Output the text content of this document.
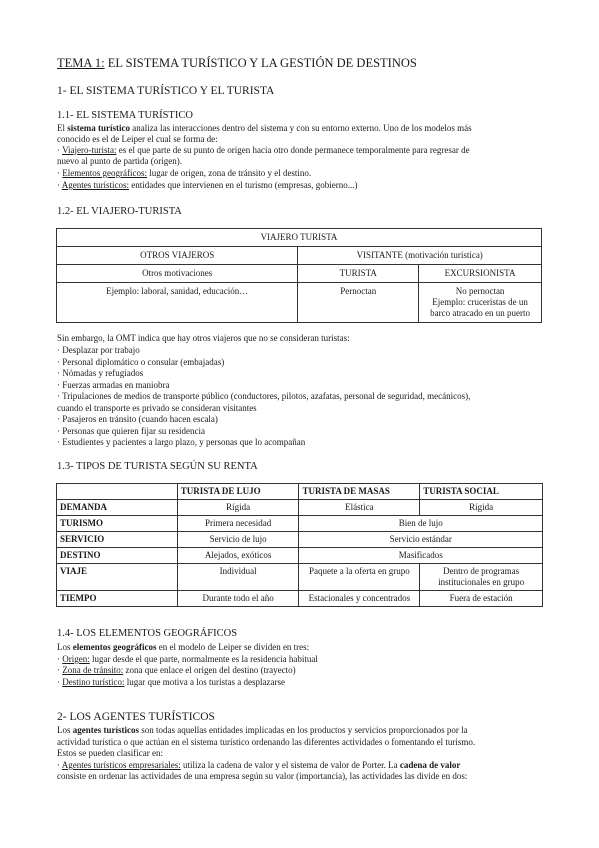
TEMA 1: EL SISTEMA TURÍSTICO Y LA GESTIÓN DE DESTINOS
1- EL SISTEMA TURÍSTICO Y EL TURISTA
1.1- EL SISTEMA TURÍSTICO
El sistema turístico analiza las interacciones dentro del sistema y con su entorno externo. Uno de los modelos más
conocido es el de Leiper el cual se forma de:
· Viajero-turista: es el que parte de su punto de origen hacia otro donde permanece temporalmente para regresar de
nuevo al punto de partida (origen).
· Elementos geográficos: lugar de origen, zona de tránsito y el destino.
· Agentes turísticos: entidades que intervienen en el turismo (empresas, gobierno...)
1.2- EL VIAJERO-TURISTA
VIAJERO TURISTA		
OTROS VIAJEROS	VISITANTE (motivación turística)	
Otros motivaciones	TURISTA	EXCURSIONISTA
Ejemplo: laboral, sanidad, educación…	Pernoctan	No pernoctan
Ejemplo: cruceristas de un
barco atracado en un puerto
Sin embargo, la OMT indica que hay otros viajeros que no se consideran turistas:
· Desplazar por trabajo
· Personal diplomático o consular (embajadas)
· Nómadas y refugiados
· Fuerzas armadas en maniobra
· Tripulaciones de medios de transporte público (conductores, pilotos, azafatas, personal de seguridad, mecánicos),
cuando el transporte es privado se consideran visitantes
· Pasajeros en tránsito (cuando hacen escala)
· Personas que quieren fijar su residencia
· Estudientes y pacientes a largo plazo, y personas que lo acompañan
1.3- TIPOS DE TURISTA SEGÚN SU RENTA
	TURISTA DE LUJO	TURISTA DE MASAS	TURISTA SOCIAL
DEMANDA	Rígida	Elástica	Rígida
TURISMO	Primera necesidad	Bien de lujo	
SERVICIO	Servicio de lujo	Servicio estándar	
DESTINO	Alejados, exóticos	Masificados	
VIAJE	Individual	Paquete a la oferta en grupo	Dentro de programas
institucionales en grupo

TIEMPO	Durante todo el año	Estacionales y concentrados	Fuera de estación
1.4- LOS ELEMENTOS GEOGRÁFICOS
Los elementos geográficos en el modelo de Leiper se dividen en tres:
· Origen: lugar desde el que parte, normalmente es la residencia habitual
· Zona de tránsito: zona que enlace el origen del destino (trayecto)
· Destino turístico: lugar que motiva a los turistas a desplazarse
2- LOS AGENTES TURÍSTICOS
Los agentes turísticos son todas aquellas entidades implicadas en los productos y servicios proporcionados por la
actividad turística o que actúan en el sistema turístico ordenando las diferentes actividades o fomentando el turismo.
Estos se pueden clasificar en:
· Agentes turísticos empresariales: utiliza la cadena de valor y el sistema de valor de Porter. La cadena de valor
consiste en ordenar las actividades de una empresa según su valor (importancia), las actividades las divide en dos:
